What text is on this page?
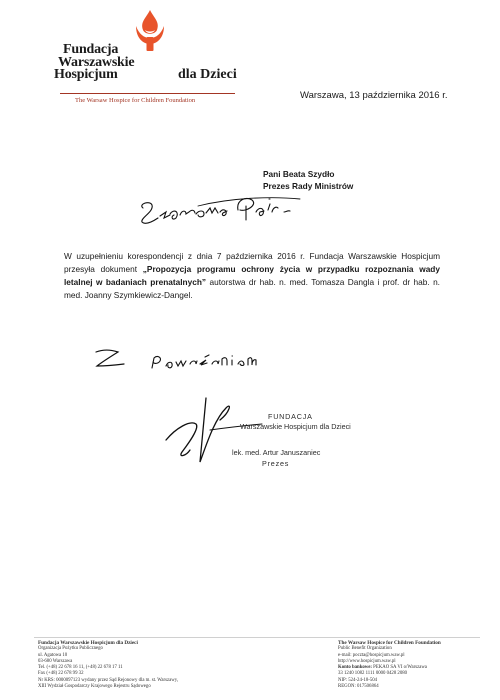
Fundacja
Warszawskie
Hospicjum	dla Dzieci
The Warsaw Hospice for Children Foundation	Warszawa, 13 października 2016 r.
Pani Beata Szydło
Prezes Rady Ministrów
W uzupełnieniu korespondencji z dnia 7 października 2016 r. Fundacja Warszawskie Hospicjum przesyła dokument „Propozycja programu ochrony życia w przypadku rozpoznania wady letalnej w badaniach prenatalnych” autorstwa dr hab. n. med. Tomasza Dangla i prof. dr hab. n. med. Joanny Szymkiewicz-Dangel.
FUNDACJA
Warszawskie Hospicjum dla Dzieci
lek. med. Artur Januszaniec
Prezes
Fundacja Warszawskie Hospicjum dla Dzieci
Organizacja Pożytku Publicznego
ul. Agatowa 10
03-680 Warszawa
Tel. (+48) 22 678 16 11, (+48) 22 678 17 11
Fax (+48) 22 678 99 32
Nr KRS: 0000097123 wydany przez Sąd Rejonowy dla m. st. Warszawy,
XIII Wydział Gospodarczy Krajowego Rejestru Sądowego
The Warsaw Hospice for Children Foundation
Public Benefit Organization
e-mail: poczta@hospicjum.waw.pl
http://www.hospicjum.waw.pl
Konto bankowe: PEKAO SA VI o/Warszawa
33 1240 1082 1111 0000 0428 2080
NIP: 524-24-18-504
REGON: 017506864
